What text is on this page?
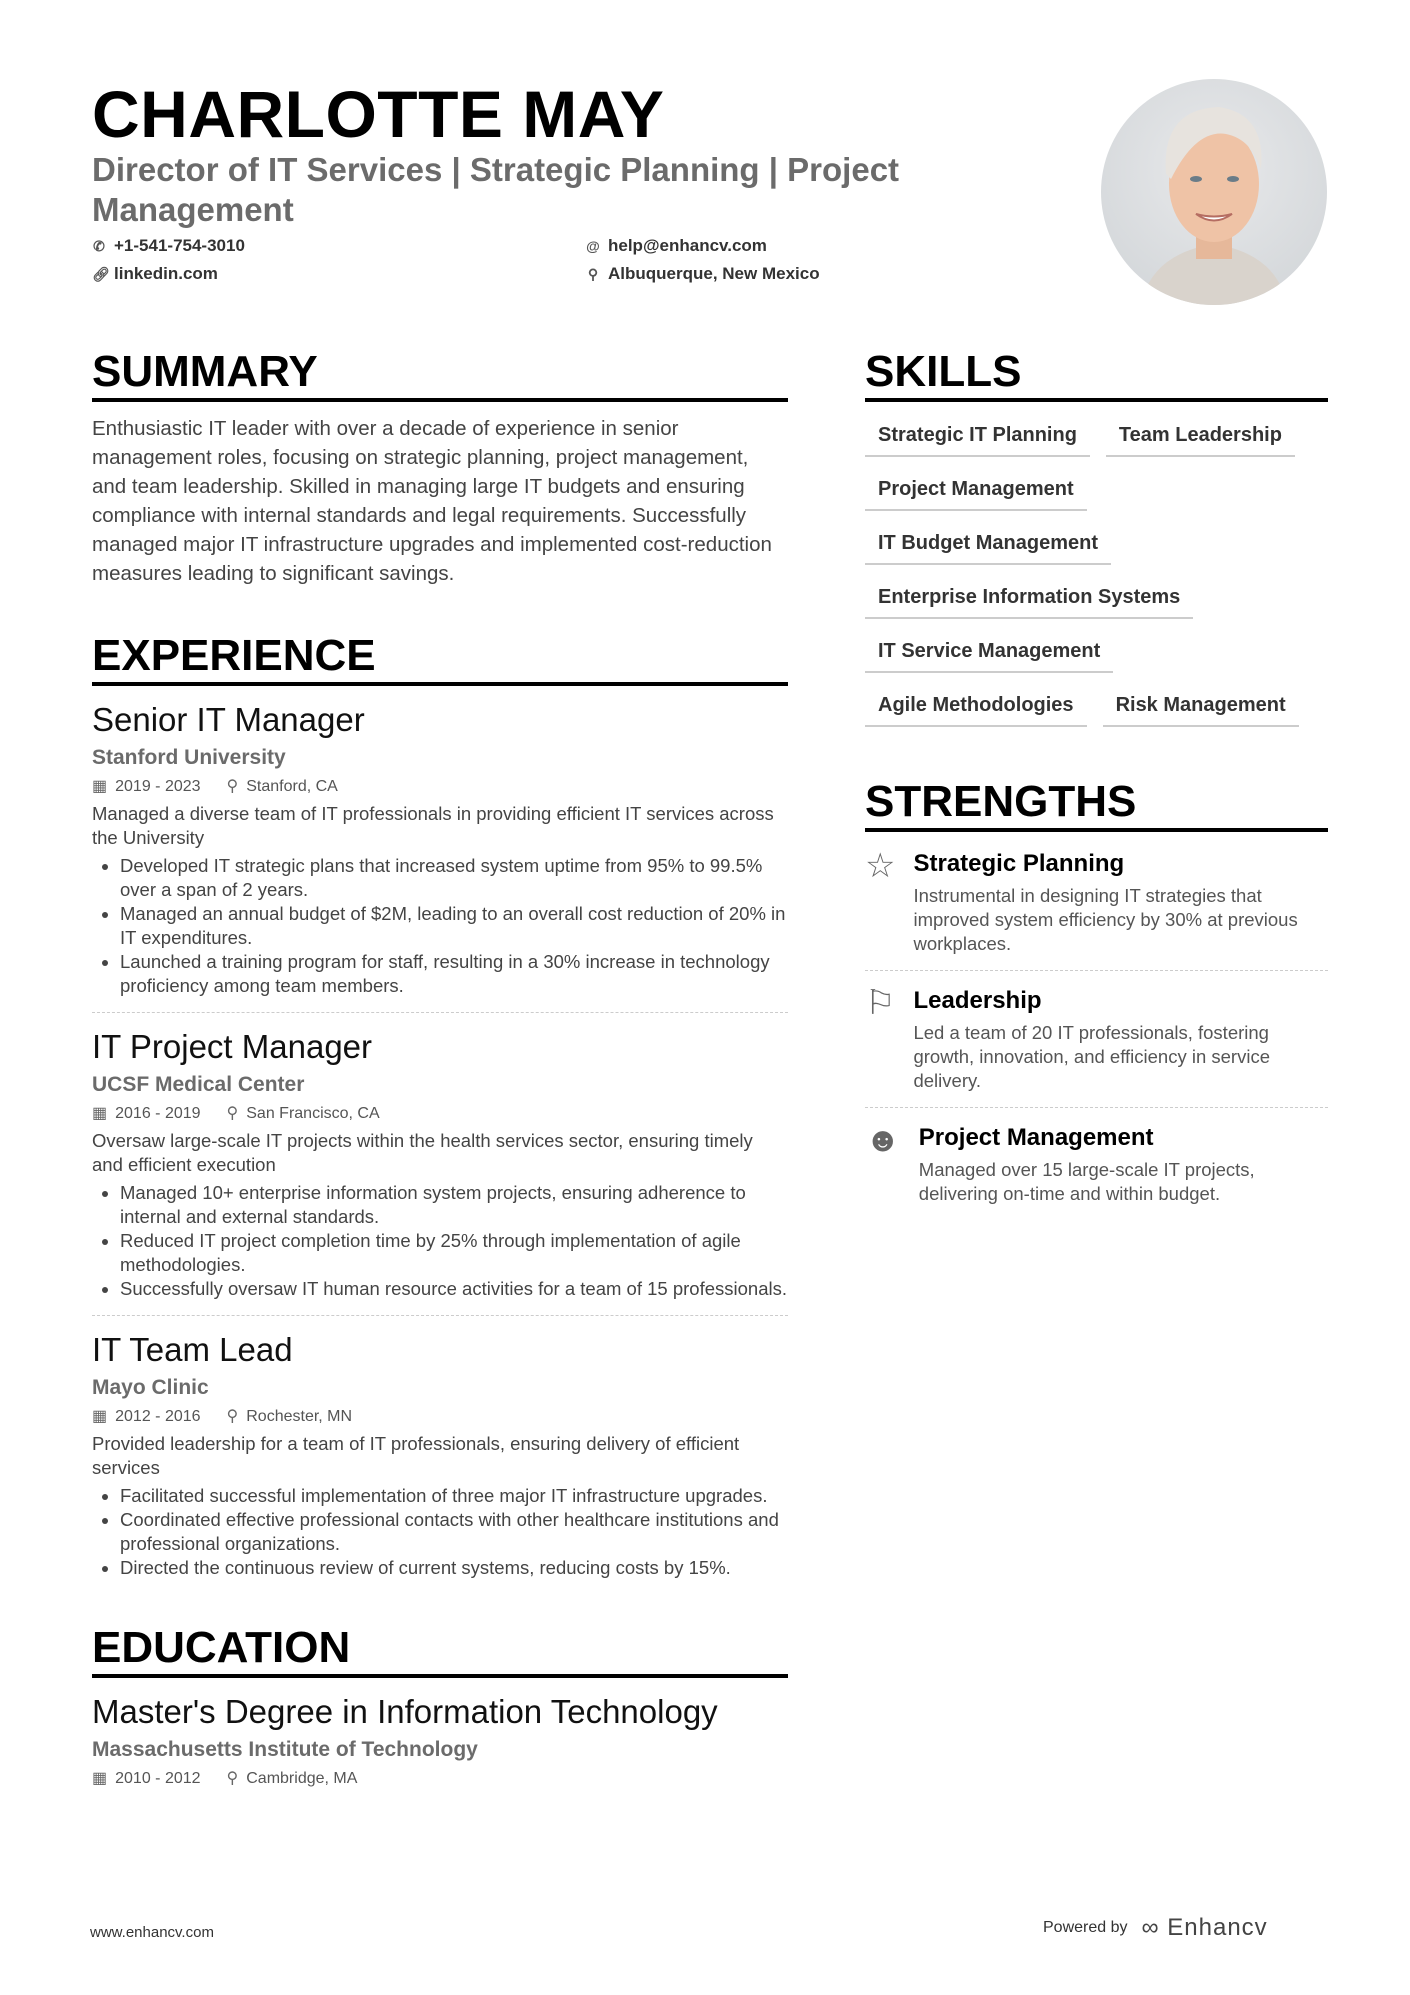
CHARLOTTE MAY
Director of IT Services | Strategic Planning | Project Management
✆ +1-541-754-3010	@ help@enhancv.com
🔗︎ linkedin.com	⚲ Albuquerque, New Mexico
SUMMARY

Enthusiastic IT leader with over a decade of experience in senior management roles, focusing on strategic planning, project management, and team leadership. Skilled in managing large IT budgets and ensuring compliance with internal standards and legal requirements. Successfully managed major IT infrastructure upgrades and implemented cost-reduction measures leading to significant savings.

EXPERIENCE
Senior IT Manager
Stanford University
▦ 2019 - 2023 ⚲ Stanford, CA
Managed a diverse team of IT professionals in providing efficient IT services across the University
• Developed IT strategic plans that increased system uptime from 95% to 99.5% over a span of 2 years.
• Managed an annual budget of $2M, leading to an overall cost reduction of 20% in IT expenditures.
• Launched a training program for staff, resulting in a 30% increase in technology proficiency among team members.
IT Project Manager
UCSF Medical Center
▦ 2016 - 2019 ⚲ San Francisco, CA
Oversaw large-scale IT projects within the health services sector, ensuring timely and efficient execution
• Managed 10+ enterprise information system projects, ensuring adherence to internal and external standards.
• Reduced IT project completion time by 25% through implementation of agile methodologies.
• Successfully oversaw IT human resource activities for a team of 15 professionals.
IT Team Lead
Mayo Clinic
▦ 2012 - 2016 ⚲ Rochester, MN
Provided leadership for a team of IT professionals, ensuring delivery of efficient services
• Facilitated successful implementation of three major IT infrastructure upgrades.
• Coordinated effective professional contacts with other healthcare institutions and professional organizations.
• Directed the continuous review of current systems, reducing costs by 15%.
EDUCATION
Master's Degree in Information Technology
Massachusetts Institute of Technology
▦ 2010 - 2012 ⚲ Cambridge, MA
SKILLS
Strategic IT Planning	Team Leadership
Project Management
IT Budget Management
Enterprise Information Systems
IT Service Management
Agile Methodologies	Risk Management
STRENGTHS
☆ Strategic Planning
Instrumental in designing IT strategies that improved system efficiency by 30% at previous workplaces.
⚐ Leadership
Led a team of 20 IT professionals, fostering growth, innovation, and efficiency in service delivery.
☻ Project Management
Managed over 15 large-scale IT projects, delivering on-time and within budget.
www.enhancv.com	Powered by ∞ Enhancv
